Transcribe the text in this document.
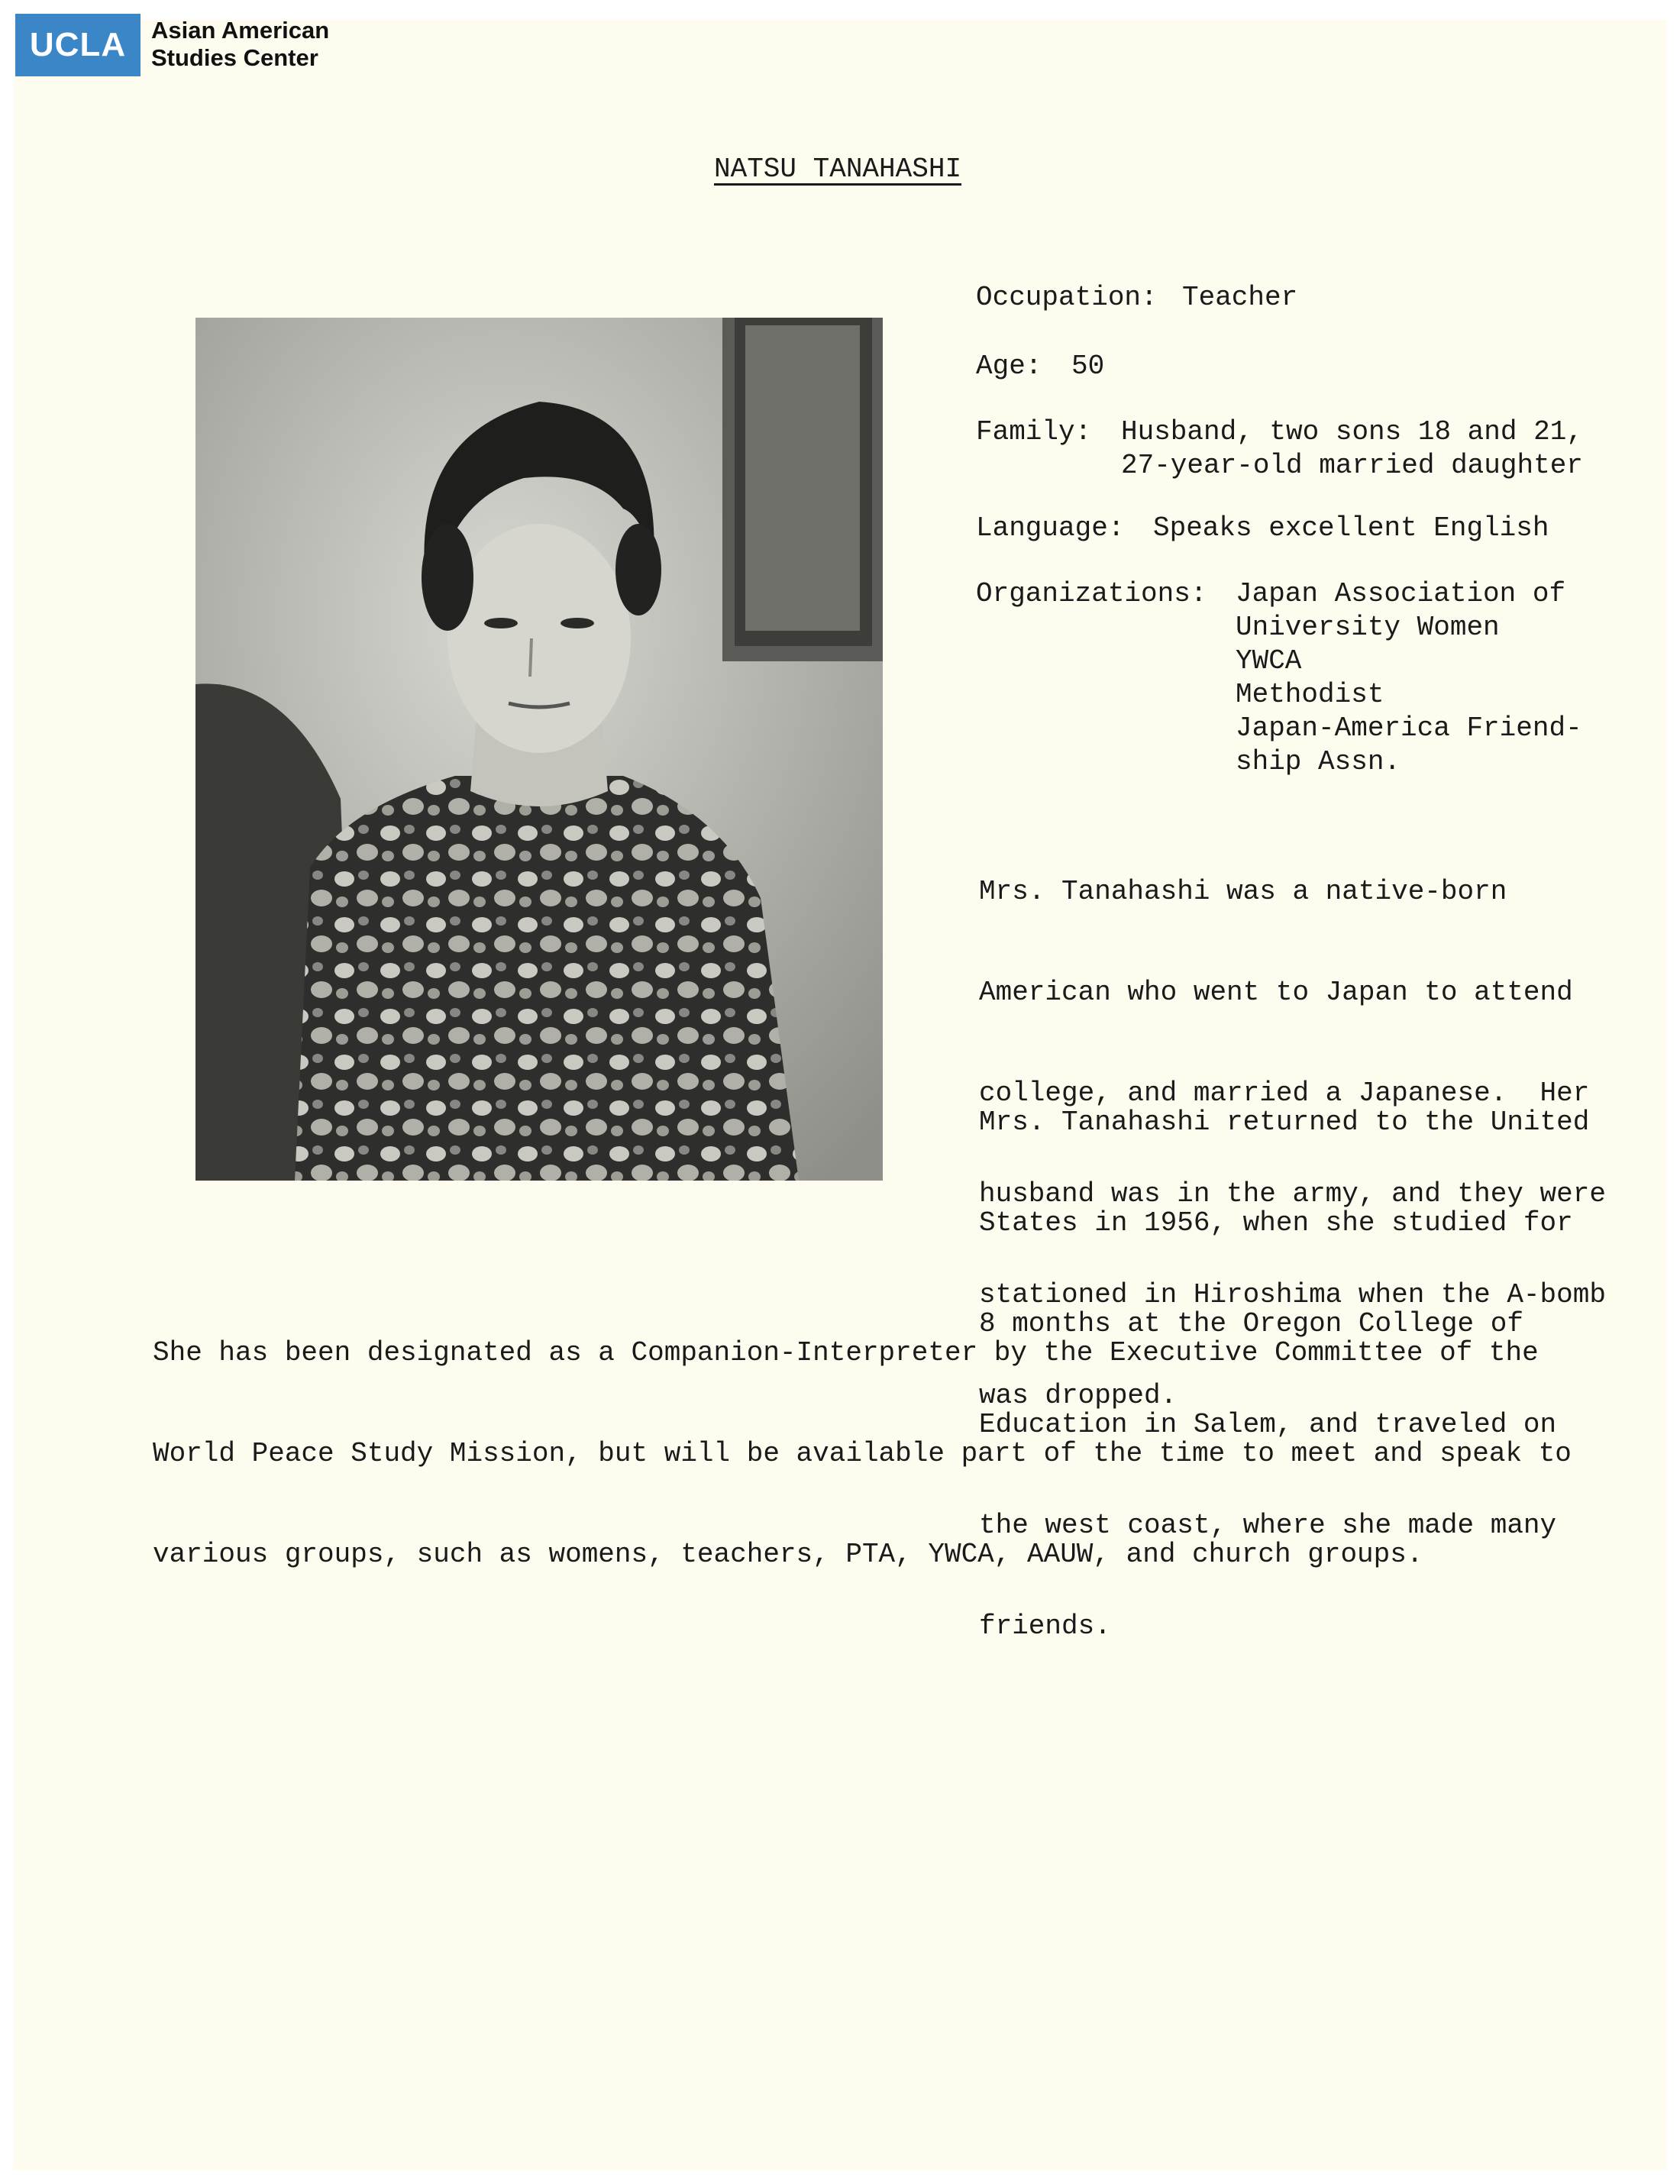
UCLA	Asian American
Studies Center

NATSU TANAHASHI

Occupation:

Teacher

Age:

50

Family:

Husband, two sons 18 and 21,

27-year-old married daughter

Language:

Speaks excellent English

Organizations:

Japan Association of

University Women

YWCA

Methodist

Japan-America Friend-

ship Assn.

Mrs. Tanahashi was a native-born

American who went to Japan to attend

college, and married a Japanese.  Her

husband was in the army, and they were

stationed in Hiroshima when the A-bomb

was dropped.

Mrs. Tanahashi returned to the United

States in 1956, when she studied for

8 months at the Oregon College of

Education in Salem, and traveled on

the west coast, where she made many

friends.

She has been designated as a Companion-Interpreter by the Executive Committee of the

World Peace Study Mission, but will be available part of the time to meet and speak to

various groups, such as womens, teachers, PTA, YWCA, AAUW, and church groups.
